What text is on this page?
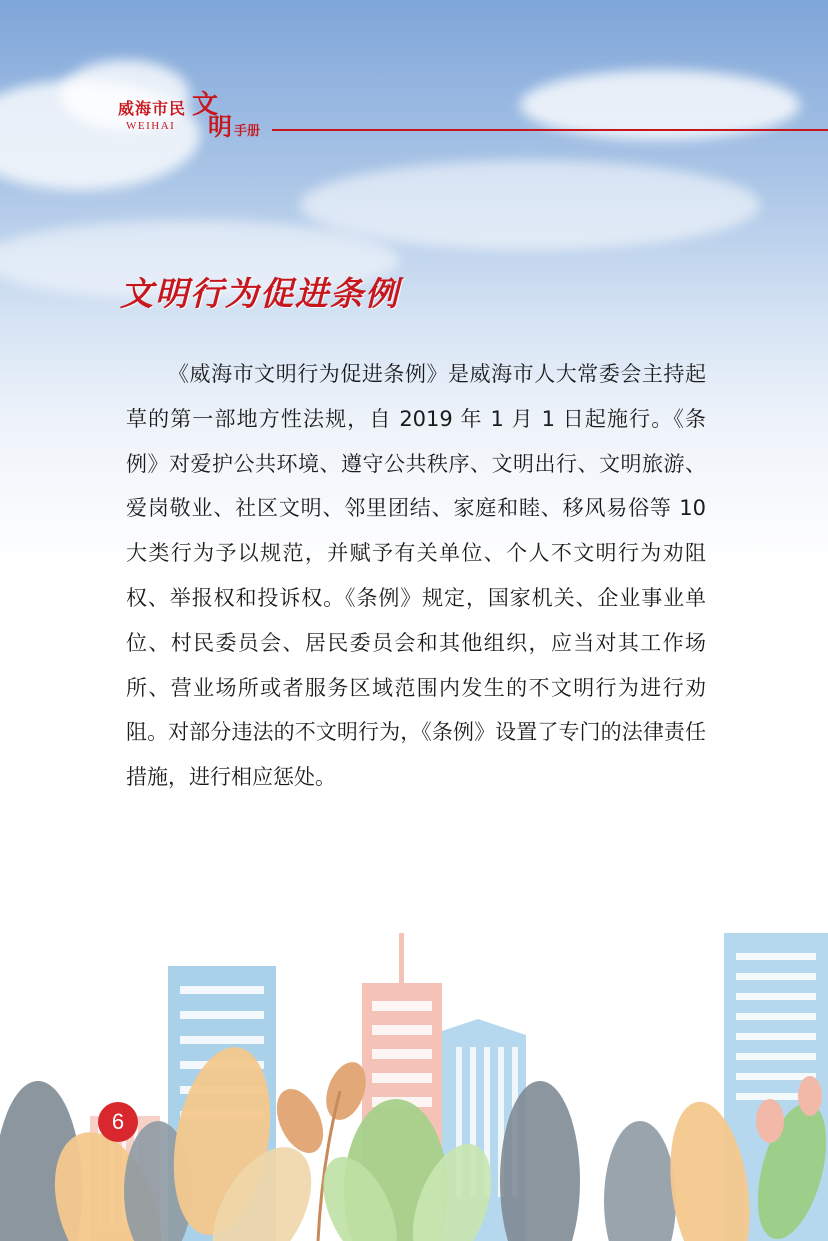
威海市民 文
明 手册
WEIHAI
文明行为促进条例

《威海市文明行为促进条例》是威海市人大常委会主持起草的第一部地方性法规，自 2019 年 1 月 1 日起施行。《条例》对爱护公共环境、遵守公共秩序、文明出行、文明旅游、爱岗敬业、社区文明、邻里团结、家庭和睦、移风易俗等 10 大类行为予以规范，并赋予有关单位、个人不文明行为劝阻权、举报权和投诉权。《条例》规定，国家机关、企业事业单位、村民委员会、居民委员会和其他组织，应当对其工作场所、营业场所或者服务区域范围内发生的不文明行为进行劝阻。对部分违法的不文明行为，《条例》设置了专门的法律责任措施，进行相应惩处。

6
